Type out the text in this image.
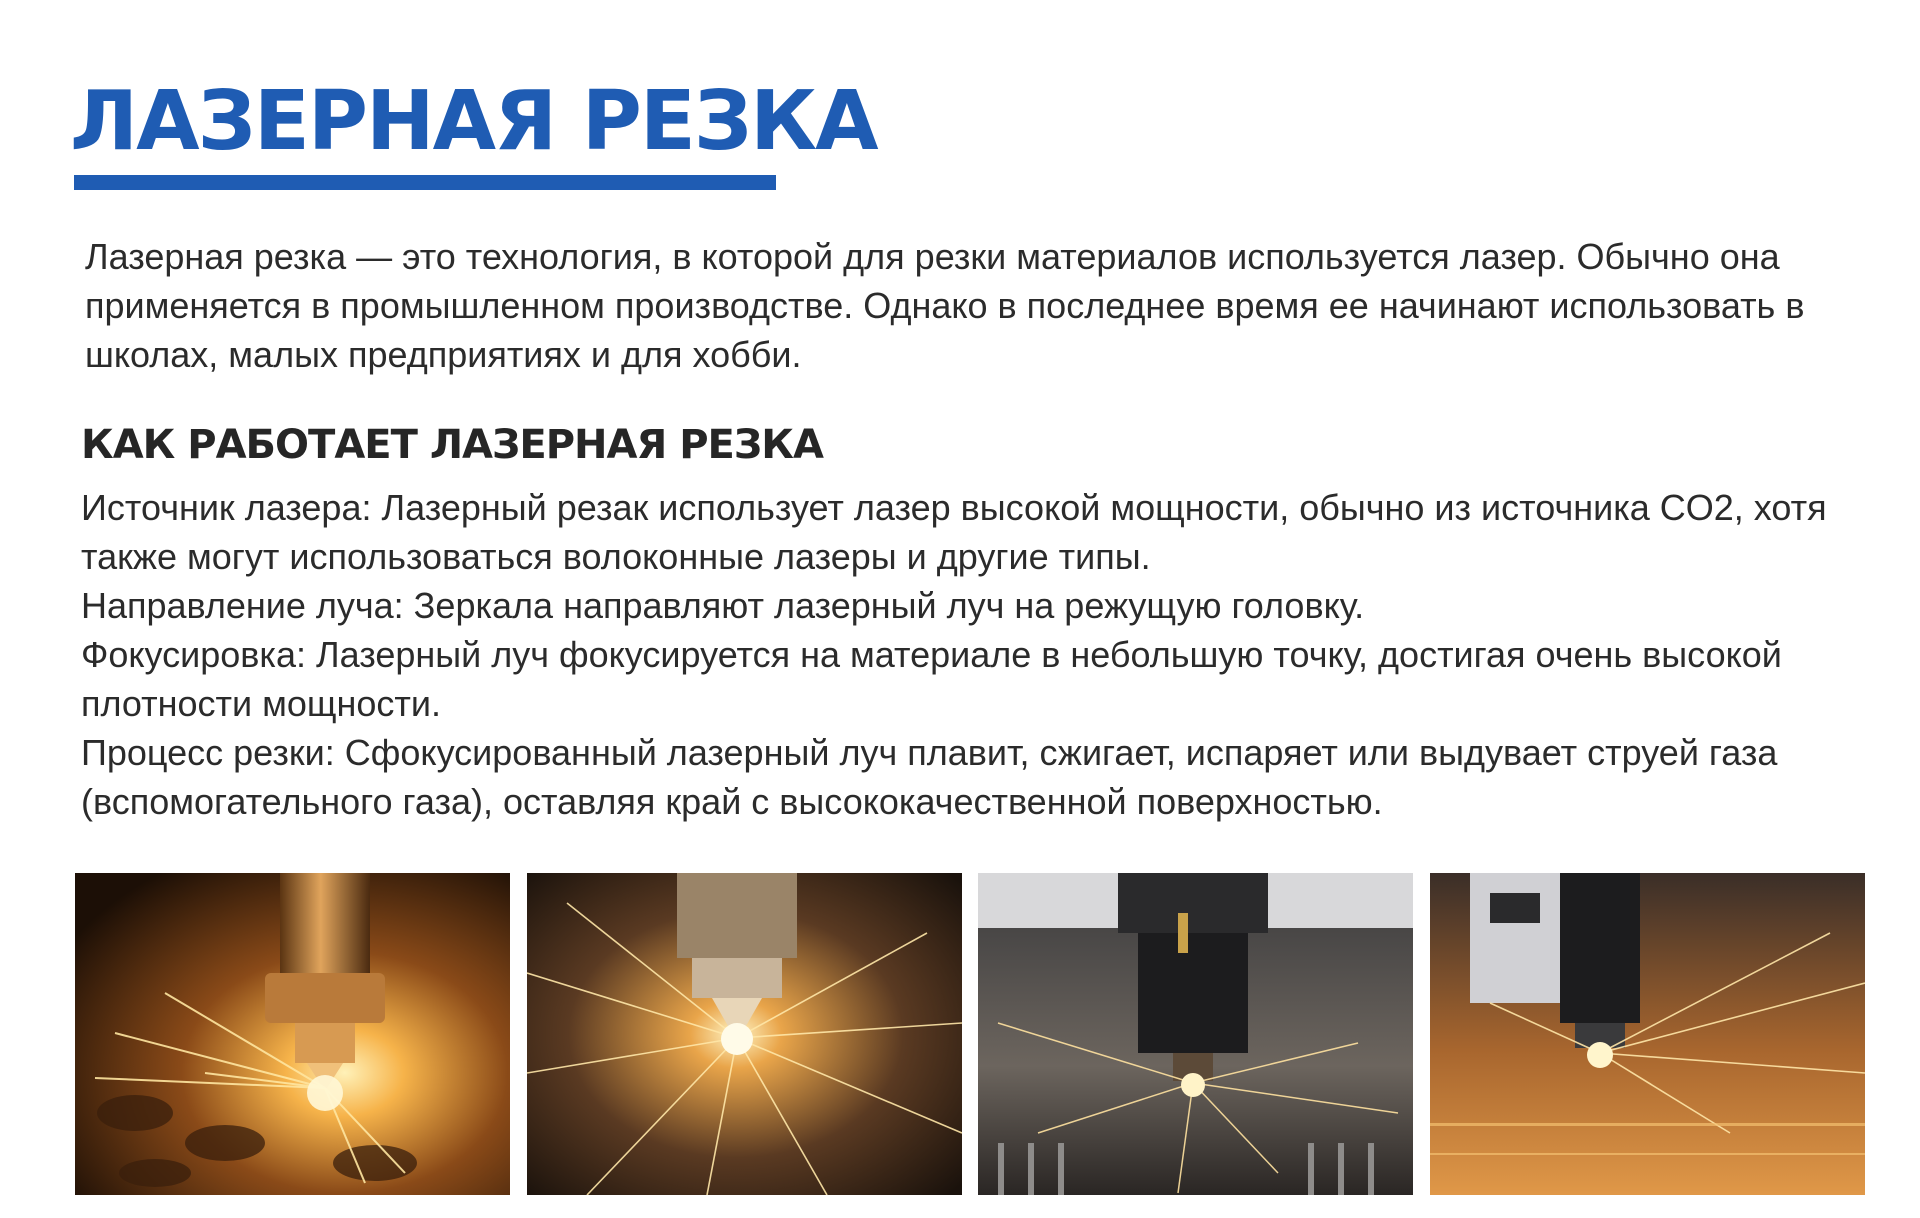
ЛАЗЕРНАЯ РЕЗКА

Лазерная резка — это технология, в которой для резки материалов используется лазер. Обычно она применяется в промышленном производстве. Однако в последнее время ее начинают использовать в школах, малых предприятиях и для хобби.

КАК РАБОТАЕТ ЛАЗЕРНАЯ РЕЗКА
Источник лазера: Лазерный резак использует лазер высокой мощности, обычно из источника CO2, хотя также могут использоваться волоконные лазеры и другие типы.
Направление луча: Зеркала направляют лазерный луч на режущую головку.
Фокусировка: Лазерный луч фокусируется на материале в небольшую точку, достигая очень высокой плотности мощности.
Процесс резки: Сфокусированный лазерный луч плавит, сжигает, испаряет или выдувает струей газа (вспомогательного газа), оставляя край с высококачественной поверхностью.
